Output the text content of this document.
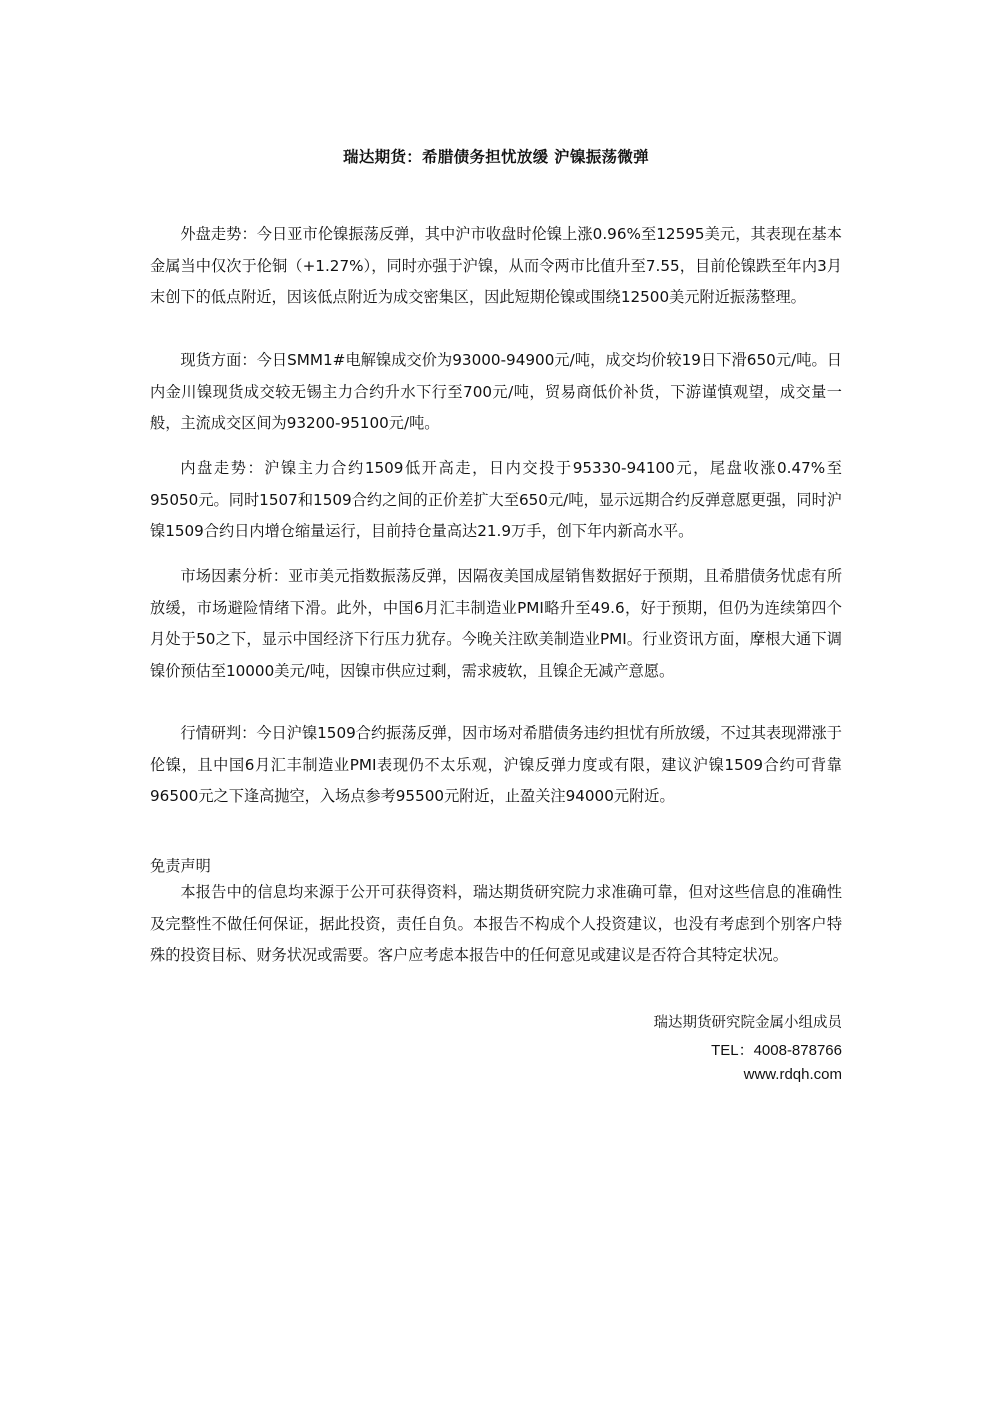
瑞达期货：希腊债务担忧放缓 沪镍振荡微弹

外盘走势：今日亚市伦镍振荡反弹，其中沪市收盘时伦镍上涨0.96%至12595美元，其表现在基本金属当中仅次于伦铜（+1.27%），同时亦强于沪镍，从而令两市比值升至7.55，目前伦镍跌至年内3月末创下的低点附近，因该低点附近为成交密集区，因此短期伦镍或围绕12500美元附近振荡整理。

现货方面：今日SMM1#电解镍成交价为93000-94900元/吨，成交均价较19日下滑650元/吨。日内金川镍现货成交较无锡主力合约升水下行至700元/吨，贸易商低价补货，下游谨慎观望，成交量一般，主流成交区间为93200-95100元/吨。

内盘走势：沪镍主力合约1509低开高走，日内交投于95330-94100元，尾盘收涨0.47%至95050元。同时1507和1509合约之间的正价差扩大至650元/吨，显示远期合约反弹意愿更强，同时沪镍1509合约日内增仓缩量运行，目前持仓量高达21.9万手，创下年内新高水平。

市场因素分析：亚市美元指数振荡反弹，因隔夜美国成屋销售数据好于预期，且希腊债务忧虑有所放缓，市场避险情绪下滑。此外，中国6月汇丰制造业PMI略升至49.6，好于预期，但仍为连续第四个月处于50之下，显示中国经济下行压力犹存。今晚关注欧美制造业PMI。行业资讯方面，摩根大通下调镍价预估至10000美元/吨，因镍市供应过剩，需求疲软，且镍企无减产意愿。

行情研判：今日沪镍1509合约振荡反弹，因市场对希腊债务违约担忧有所放缓，不过其表现滞涨于伦镍，且中国6月汇丰制造业PMI表现仍不太乐观，沪镍反弹力度或有限，建议沪镍1509合约可背靠96500元之下逢高抛空，入场点参考95500元附近，止盈关注94000元附近。

免责声明

本报告中的信息均来源于公开可获得资料，瑞达期货研究院力求准确可靠，但对这些信息的准确性及完整性不做任何保证，据此投资，责任自负。本报告不构成个人投资建议，也没有考虑到个别客户特殊的投资目标、财务状况或需要。客户应考虑本报告中的任何意见或建议是否符合其特定状况。

瑞达期货研究院金属小组成员
TEL：4008-878766
www.rdqh.com
